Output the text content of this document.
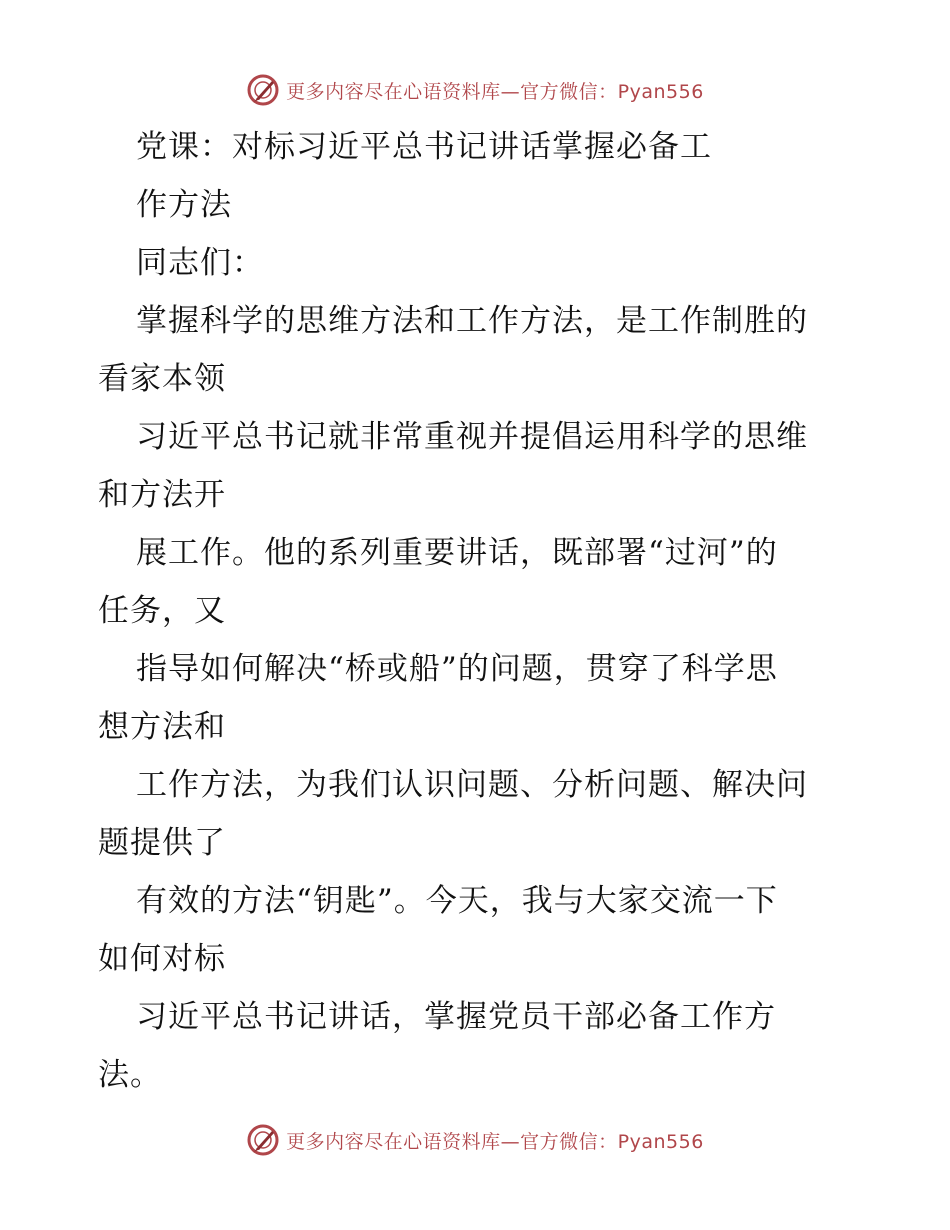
更多内容尽在心语资料库—官方微信：Pyan556
党课：对标习近平总书记讲话掌握必备工
作方法
同志们：
掌握科学的思维方法和工作方法，是工作制胜的
看家本领
习近平总书记就非常重视并提倡运用科学的思维
和方法开
展工作。他的系列重要讲话，既部署“过河”的
任务，又
指导如何解决“桥或船”的问题，贯穿了科学思
想方法和
工作方法，为我们认识问题、分析问题、解决问
题提供了
有效的方法“钥匙”。今天，我与大家交流一下
如何对标
习近平总书记讲话，掌握党员干部必备工作方
法。
更多内容尽在心语资料库—官方微信：Pyan556
